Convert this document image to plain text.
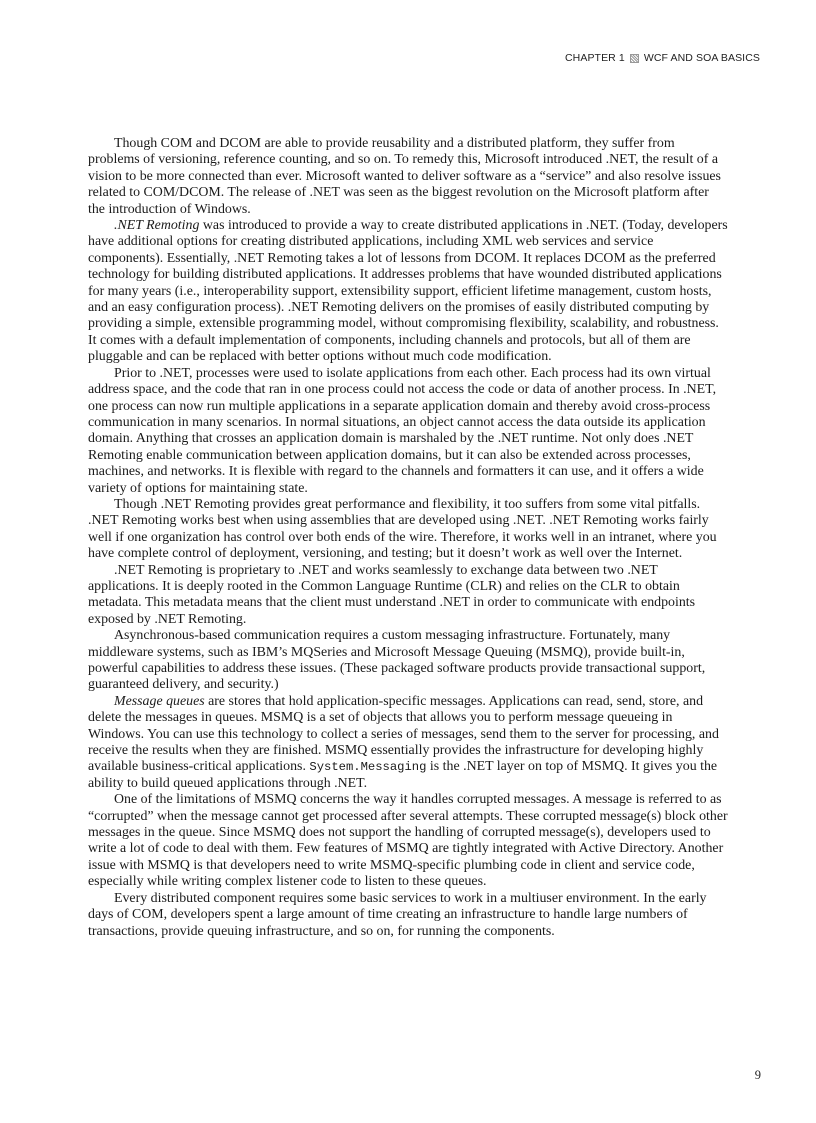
CHAPTER 1 WCF AND SOA BASICS

Though COM and DCOM are able to provide reusability and a distributed platform, they suffer from problems of versioning, reference counting, and so on. To remedy this, Microsoft introduced .NET, the result of a vision to be more connected than ever. Microsoft wanted to deliver software as a “service” and also resolve issues related to COM/DCOM. The release of .NET was seen as the biggest revolution on the Microsoft platform after the introduction of Windows.

.NET Remoting was introduced to provide a way to create distributed applications in .NET. (Today, developers have additional options for creating distributed applications, including XML web services and service components). Essentially, .NET Remoting takes a lot of lessons from DCOM. It replaces DCOM as the preferred technology for building distributed applications. It addresses problems that have wounded distributed applications for many years (i.e., interoperability support, extensibility support, efficient lifetime management, custom hosts, and an easy configuration process). .NET Remoting delivers on the promises of easily distributed computing by providing a simple, extensible programming model, without compromising flexibility, scalability, and robustness. It comes with a default implementation of components, including channels and protocols, but all of them are pluggable and can be replaced with better options without much code modification.

Prior to .NET, processes were used to isolate applications from each other. Each process had its own virtual address space, and the code that ran in one process could not access the code or data of another process. In .NET, one process can now run multiple applications in a separate application domain and thereby avoid cross-process communication in many scenarios. In normal situations, an object cannot access the data outside its application domain. Anything that crosses an application domain is marshaled by the .NET runtime. Not only does .NET Remoting enable communication between application domains, but it can also be extended across processes, machines, and networks. It is flexible with regard to the channels and formatters it can use, and it offers a wide variety of options for maintaining state.

Though .NET Remoting provides great performance and flexibility, it too suffers from some vital pitfalls. .NET Remoting works best when using assemblies that are developed using .NET. .NET Remoting works fairly well if one organization has control over both ends of the wire. Therefore, it works well in an intranet, where you have complete control of deployment, versioning, and testing; but it doesn’t work as well over the Internet.

.NET Remoting is proprietary to .NET and works seamlessly to exchange data between two .NET applications. It is deeply rooted in the Common Language Runtime (CLR) and relies on the CLR to obtain metadata. This metadata means that the client must understand .NET in order to communicate with endpoints exposed by .NET Remoting.

Asynchronous-based communication requires a custom messaging infrastructure. Fortunately, many middleware systems, such as IBM’s MQSeries and Microsoft Message Queuing (MSMQ), provide built-in, powerful capabilities to address these issues. (These packaged software products provide transactional support, guaranteed delivery, and security.)

Message queues are stores that hold application-specific messages. Applications can read, send, store, and delete the messages in queues. MSMQ is a set of objects that allows you to perform message queueing in Windows. You can use this technology to collect a series of messages, send them to the server for processing, and receive the results when they are finished. MSMQ essentially provides the infrastructure for developing highly available business-critical applications. System.Messaging is the .NET layer on top of MSMQ. It gives you the ability to build queued applications through .NET.

One of the limitations of MSMQ concerns the way it handles corrupted messages. A message is referred to as “corrupted” when the message cannot get processed after several attempts. These corrupted message(s) block other messages in the queue. Since MSMQ does not support the handling of corrupted message(s), developers used to write a lot of code to deal with them. Few features of MSMQ are tightly integrated with Active Directory. Another issue with MSMQ is that developers need to write MSMQ-specific plumbing code in client and service code, especially while writing complex listener code to listen to these queues.

Every distributed component requires some basic services to work in a multiuser environment. In the early days of COM, developers spent a large amount of time creating an infrastructure to handle large numbers of transactions, provide queuing infrastructure, and so on, for running the components.

9
